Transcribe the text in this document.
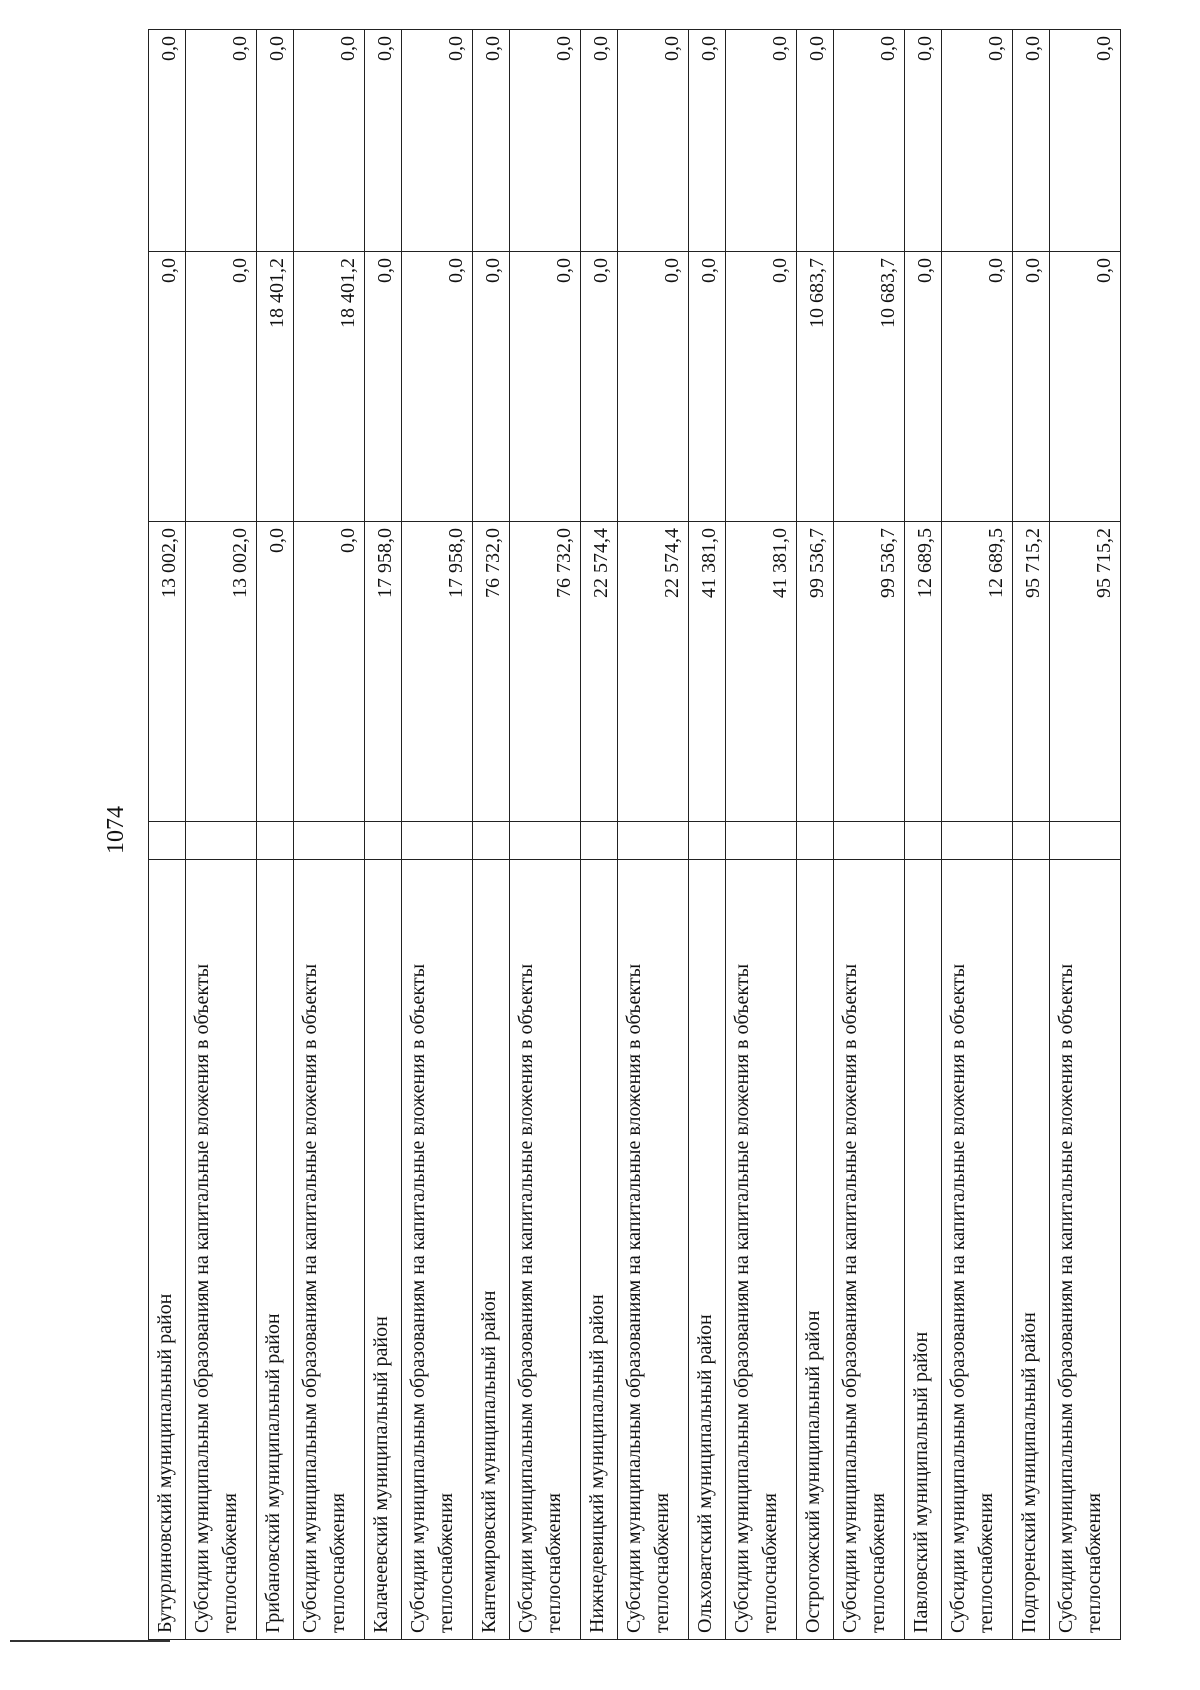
1074
Бутурлиновский муниципальный район		13 002,0	0,0	0,0
Субсидии муниципальным образованиям на капитальные вложения в объекты теплоснабжения		13 002,0	0,0	0,0
Грибановский муниципальный район		0,0	18 401,2	0,0
Субсидии муниципальным образованиям на капитальные вложения в объекты теплоснабжения		0,0	18 401,2	0,0
Калачеевский муниципальный район		17 958,0	0,0	0,0
Субсидии муниципальным образованиям на капитальные вложения в объекты теплоснабжения		17 958,0	0,0	0,0
Кантемировский муниципальный район		76 732,0	0,0	0,0
Субсидии муниципальным образованиям на капитальные вложения в объекты теплоснабжения		76 732,0	0,0	0,0
Нижнедевицкий муниципальный район		22 574,4	0,0	0,0
Субсидии муниципальным образованиям на капитальные вложения в объекты теплоснабжения		22 574,4	0,0	0,0
Ольховатский муниципальный район		41 381,0	0,0	0,0
Субсидии муниципальным образованиям на капитальные вложения в объекты теплоснабжения		41 381,0	0,0	0,0
Острогожский муниципальный район		99 536,7	10 683,7	0,0
Субсидии муниципальным образованиям на капитальные вложения в объекты теплоснабжения		99 536,7	10 683,7	0,0
Павловский муниципальный район		12 689,5	0,0	0,0
Субсидии муниципальным образованиям на капитальные вложения в объекты теплоснабжения		12 689,5	0,0	0,0
Подгоренский муниципальный район		95 715,2	0,0	0,0
Субсидии муниципальным образованиям на капитальные вложения в объекты теплоснабжения		95 715,2	0,0	0,0
